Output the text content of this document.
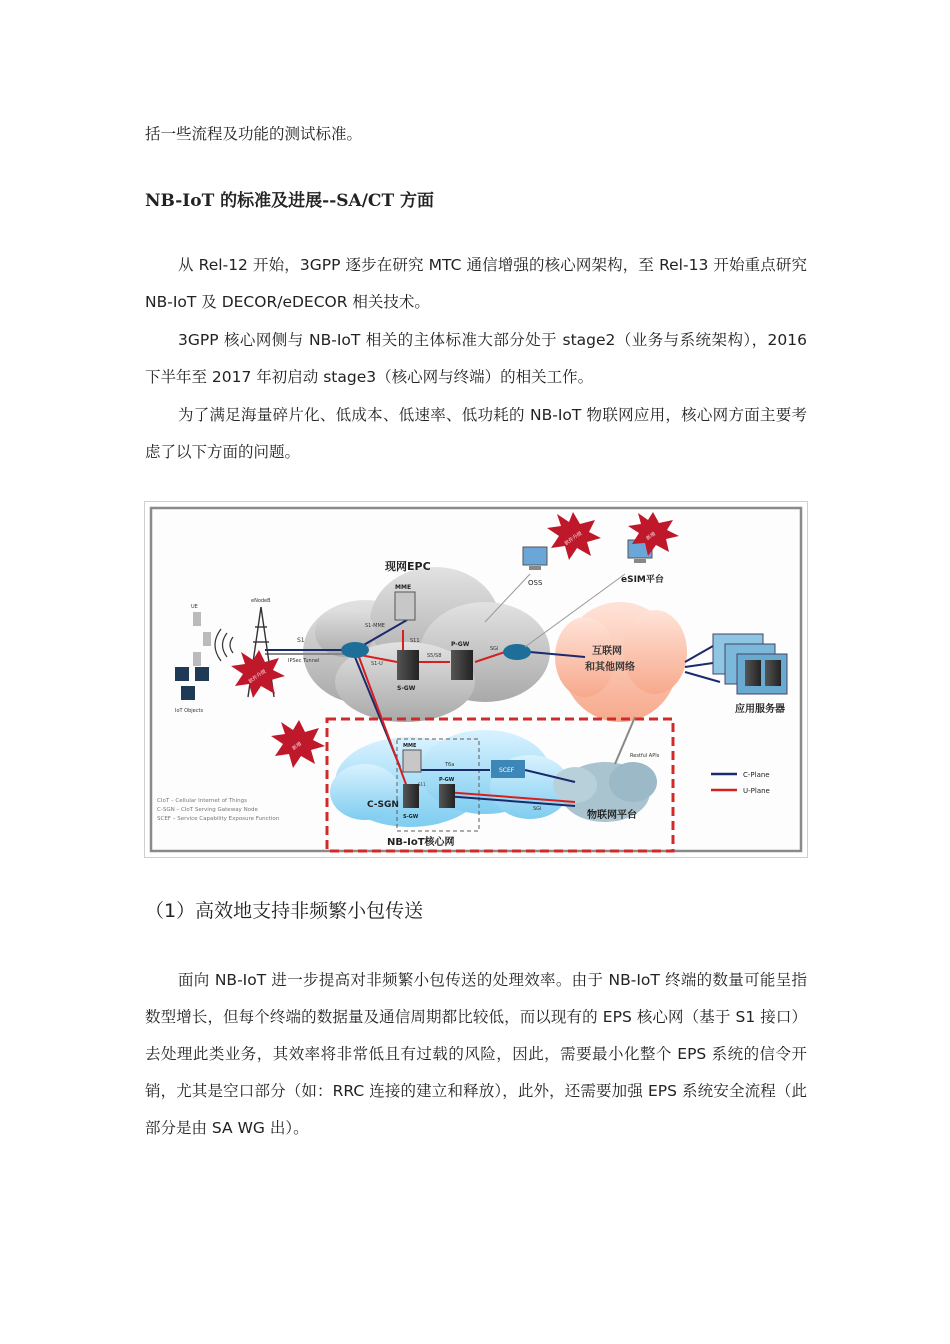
括一些流程及功能的测试标准。

NB-IoT 的标准及进展--SA/CT 方面

从 Rel-12 开始，3GPP 逐步在研究 MTC 通信增强的核心网架构，至 Rel-13 开始重点研究 NB-IoT 及 DECOR/eDECOR 相关技术。

3GPP 核心网侧与 NB-IoT 相关的主体标准大部分处于 stage2（业务与系统架构），2016 下半年至 2017 年初启动 stage3（核心网与终端）的相关工作。

为了满足海量碎片化、低成本、低速率、低功耗的 NB-IoT 物联网应用，核心网方面主要考虑了以下方面的问题。

现网EPC
互联网
和其他网络
C-SGN
NB-IoT核心网
物联网平台
UE
IoT Objects
eNodeB
S1
IPSec Tunnel
MME
S1-MME
S11
S1-U
S-GW
P-GW
S5/S8
SGi
MME
T6a
S-GW
P-GW
S11
SCEF
Restful APIs
SGi
OSS	eSIM平台
应用服务器
软件升级	新增
软件升级
新增
CIoT – Cellular Internet of Things
C-SGN – CIoT Serving Gateway Node
SCEF – Service Capability Exposure Function
C-Plane
U-Plane
（1）高效地支持非频繁小包传送

面向 NB-IoT 进一步提高对非频繁小包传送的处理效率。由于 NB-IoT 终端的数量可能呈指数型增长，但每个终端的数据量及通信周期都比较低，而以现有的 EPS 核心网（基于 S1 接口）去处理此类业务，其效率将非常低且有过载的风险，因此，需要最小化整个 EPS 系统的信令开销，尤其是空口部分（如：RRC 连接的建立和释放），此外，还需要加强 EPS 系统安全流程（此部分是由 SA WG 出）。
